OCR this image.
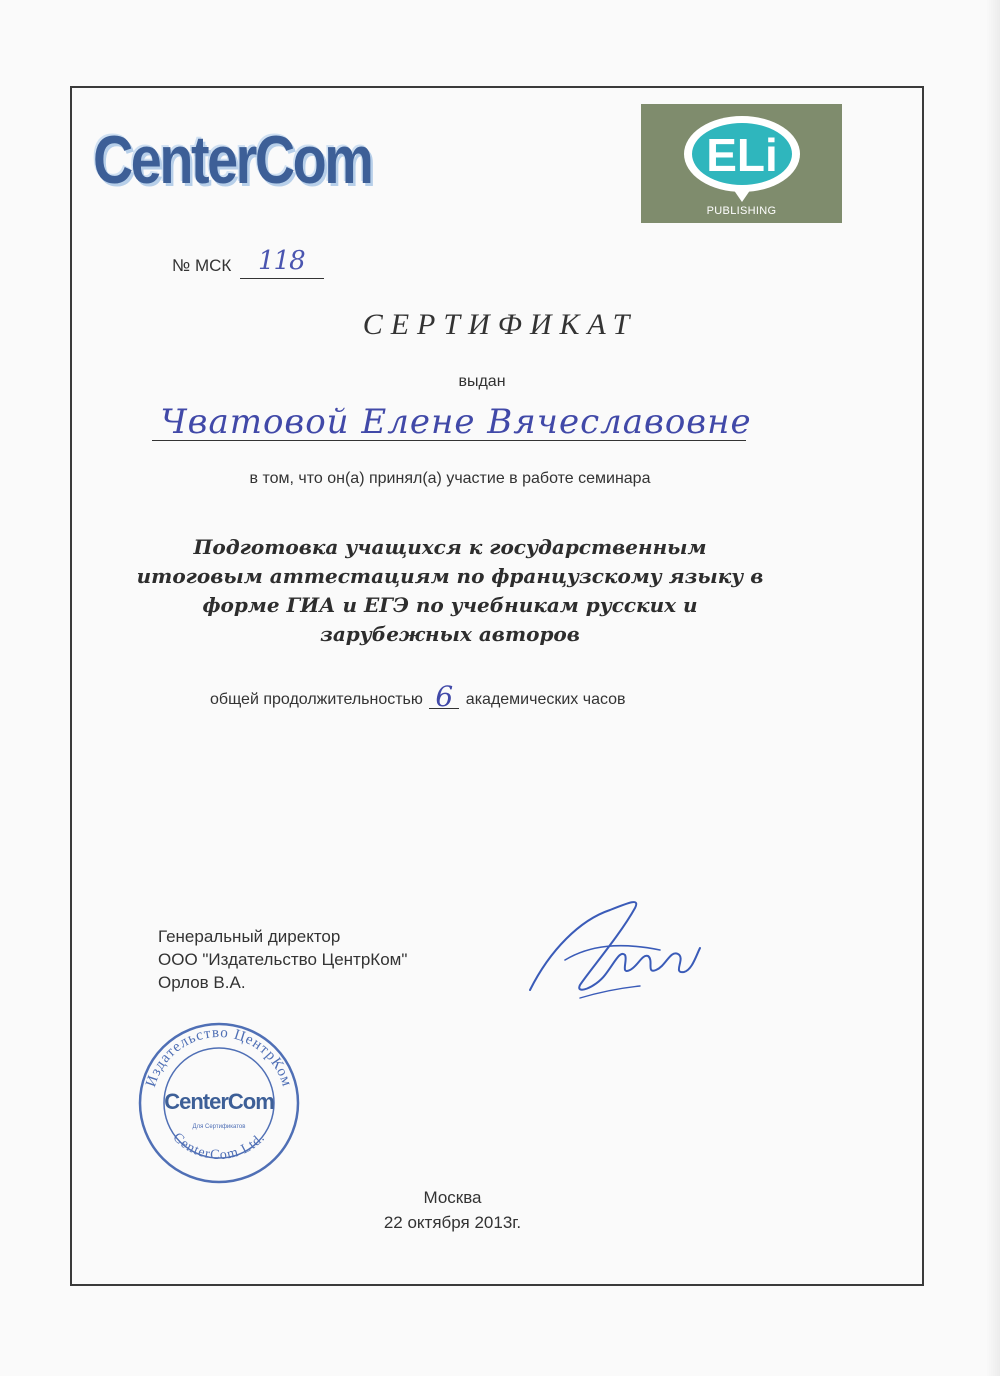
CenterCom	ELi
PUBLISHING
№ МСК 118
СЕРТИФИКАТ
выдан
Чватовой Елене Вячеславовне
в том, что он(а) принял(а) участие в работе семинара
Подготовка учащихся к государственным итоговым аттестациям по французскому языку в форме ГИА и ЕГЭ по учебникам русских и зарубежных авторов
общей продолжительностью 6 академических часов
Генеральный директор
ООО "Издательство ЦентрКом"
Орлов В.А.
Издательство ЦентрКом
CenterCom Ltd.
CenterCom
Для Сертификатов
Москва
22 октября 2013г.
